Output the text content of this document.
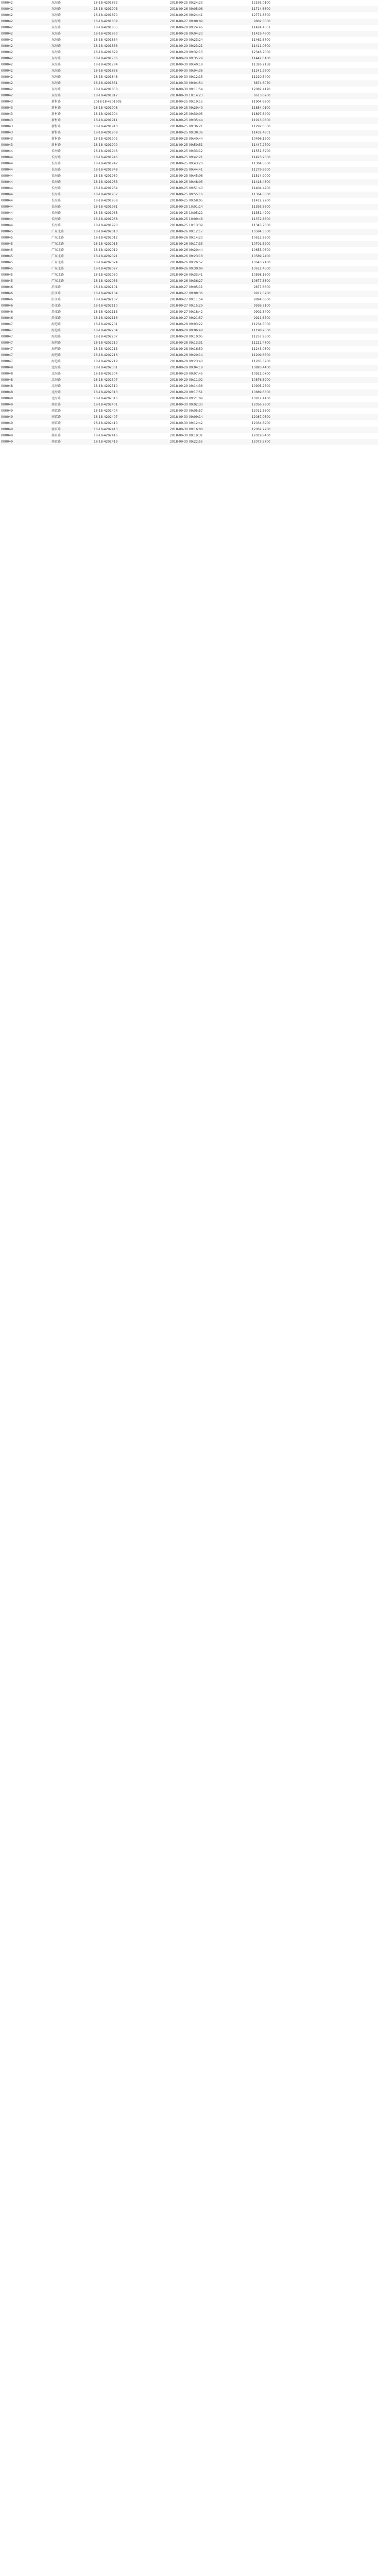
000042	东海路	18-18-4201872	2018-09-25 09:24:23	12193.0100
000042	东海路	18-18-4201903	2018-09-26 09:05:08	11714.6800
000042	东海路	18-18-4201870	2018-09-26 09:24:41	12771.8800
000042	东海路	18-18-4201839	2018-09-27 09:08:09	9802.0000
000042	东海路	18-18-4201835	2018-09-28 09:24:46	11424.4301
000042	东海路	18-18-4201860	2018-09-28 09:04:23	11419.4600
000042	东海路	18-18-4201834	2018-09-29 09:23:24	11462.6700
000042	东海路	18-18-4201833	2018-09-29 09:23:21	11411.0600
000042	东海路	18-18-4201829	2018-09-29 09:32:13	12346.7000
000042	东海路	18-18-4201786	2018-09-29 09:35:29	11442.0100
000042	东海路	18-18-4201784	2018-09-30 09:40:18	11326.2158
000042	东海路	18-18-4201858	2018-09-30 09:04:36	11241.2600
000042	东海路	18-18-4201848	2018-09-30 09:12:15	11210.5400
000042	东海路	18-18-4201831	2018-09-30 09:04:54	8874.6070
000042	东海路	18-18-4201850	2018-09-30 09:11:54	12082.4170
000042	东海路	18-18-4201817	2018-09-30 10:14:23	8613.6200
000043	新村路	2018-18-4201905	2018-09-25 09:19:15	11904.6200
000043	新村路	18-18-4201908	2018-09-25 09:29:49	11854.0100
000043	新村路	18-18-4201904	2018-09-25 09:30:05	11897.6400
000043	新村路	18-18-4201911	2018-09-25 09:35:44	11913.0800
000043	新村路	18-18-4201910	2018-09-25 09:36:21	11292.0500
000043	新村路	18-18-4201909	2018-09-25 09:38:36	11432.4801
000043	新村路	18-18-4201902	2018-09-25 09:40:44	10496.1200
000043	新村路	18-18-4201900	2018-09-25 09:50:51	11447.2700
000044	长海路	18-18-4201943	2018-09-25 09:33:12	11551.3900
000044	长海路	18-18-4201946	2018-09-25 09:42:21	11423.2600
000044	长海路	18-18-4201947	2018-09-25 09:43:20	11304.5800
000044	长海路	18-18-4201948	2018-09-25 09:44:41	11279.6900
000044	长海路	18-18-4201950	2018-09-25 09:45:08	11514.9000
000044	长海路	18-18-4201953	2018-09-25 09:48:05	11418.4800
000044	长海路	18-18-4201954	2018-09-25 09:51:40	11404.4200
000044	长海路	18-18-4201957	2018-09-25 09:55:16	11364.5000
000044	长海路	18-18-4201958	2018-09-25 09:58:05	11412.7200
000044	长海路	18-18-4201961	2018-09-25 10:01:14	11393.5600
000044	长海路	18-18-4201965	2018-09-25 10:05:22	11351.4900
000044	长海路	18-18-4201968	2018-09-25 10:09:48	11372.8800
000044	长海路	18-18-4201970	2018-09-25 10:13:39	11345.7600
000045	广东北路	18-18-4202010	2018-09-26 09:12:17	10584.3300
000045	广东北路	18-18-4202012	2018-09-26 09:14:23	10612.8800
000045	广东北路	18-18-4202015	2018-09-26 09:17:35	10701.5200
000045	广东北路	18-18-4202019	2018-09-26 09:20:44	10655.0600
000045	广东北路	18-18-4202021	2018-09-26 09:23:18	10589.7400
000045	广东北路	18-18-4202024	2018-09-26 09:26:52	10643.2100
000045	广东北路	18-18-4202027	2018-09-26 09:30:09	10612.4500
000045	广东北路	18-18-4202030	2018-09-26 09:33:41	10598.1600
000045	广东北路	18-18-4202033	2018-09-26 09:36:27	10677.3300
000046	沿江路	18-18-4202101	2018-09-27 09:05:11	9877.6600
000046	沿江路	18-18-4202104	2018-09-27 09:08:36	9912.5200
000046	沿江路	18-18-4202107	2018-09-27 09:11:54	9894.0800
000046	沿江路	18-18-4202110	2018-09-27 09:15:29	9936.7100
000046	沿江路	18-18-4202113	2018-09-27 09:18:42	9902.3400
000046	沿江路	18-18-4202116	2018-09-27 09:21:57	9921.8700
000047	海港路	18-18-4202201	2018-09-28 09:03:22	11234.5000
000047	海港路	18-18-4202204	2018-09-28 09:06:48	11198.2600
000047	海港路	18-18-4202207	2018-09-28 09:10:05	11257.9300
000047	海港路	18-18-4202210	2018-09-28 09:13:31	11221.4700
000047	海港路	18-18-4202213	2018-09-28 09:16:59	11243.0800
000047	海港路	18-18-4202216	2018-09-28 09:20:14	11209.6500
000047	海港路	18-18-4202219	2018-09-28 09:23:40	11265.3200
000048	北海路	18-18-4202301	2018-09-29 09:04:18	10893.4400
000048	北海路	18-18-4202304	2018-09-29 09:07:45	10921.0700
000048	北海路	18-18-4202307	2018-09-29 09:11:02	10876.5900
000048	北海路	18-18-4202310	2018-09-29 09:14:36	10905.2800
000048	北海路	18-18-4202313	2018-09-29 09:17:51	10889.6300
000048	北海路	18-18-4202316	2018-09-29 09:21:09	10912.4100
000049	南京路	18-18-4202401	2018-09-30 09:02:33	12056.7800
000049	南京路	18-18-4202404	2018-09-30 09:05:57	12011.3600
000049	南京路	18-18-4202407	2018-09-30 09:09:14	12087.0500
000049	南京路	18-18-4202410	2018-09-30 09:12:42	12034.6900
000049	南京路	18-18-4202413	2018-09-30 09:16:08	12062.2200
000049	南京路	18-18-4202416	2018-09-30 09:19:31	12019.8400
000049	南京路	18-18-4202419	2018-09-30 09:22:55	12073.5700
